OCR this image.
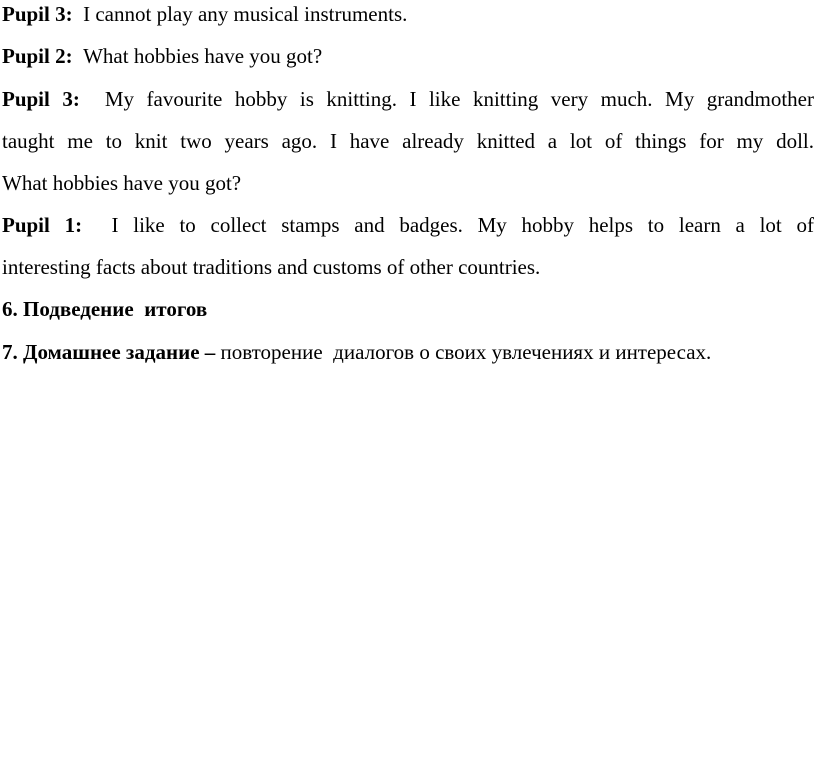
Pupil 3: I cannot play any musical instruments.
Pupil 2: What hobbies have you got?
Pupil 3: My favourite hobby is knitting. I like knitting very much. My grandmother
taught me to knit two years ago. I have already knitted a lot of things for my doll.
What hobbies have you got?
Pupil 1: I like to collect stamps and badges. My hobby helps to learn a lot of
interesting facts about traditions and customs of other countries.
6. Подведение  итогов
7. Домашнее задание – повторение  диалогов о своих увлечениях и интересах.
